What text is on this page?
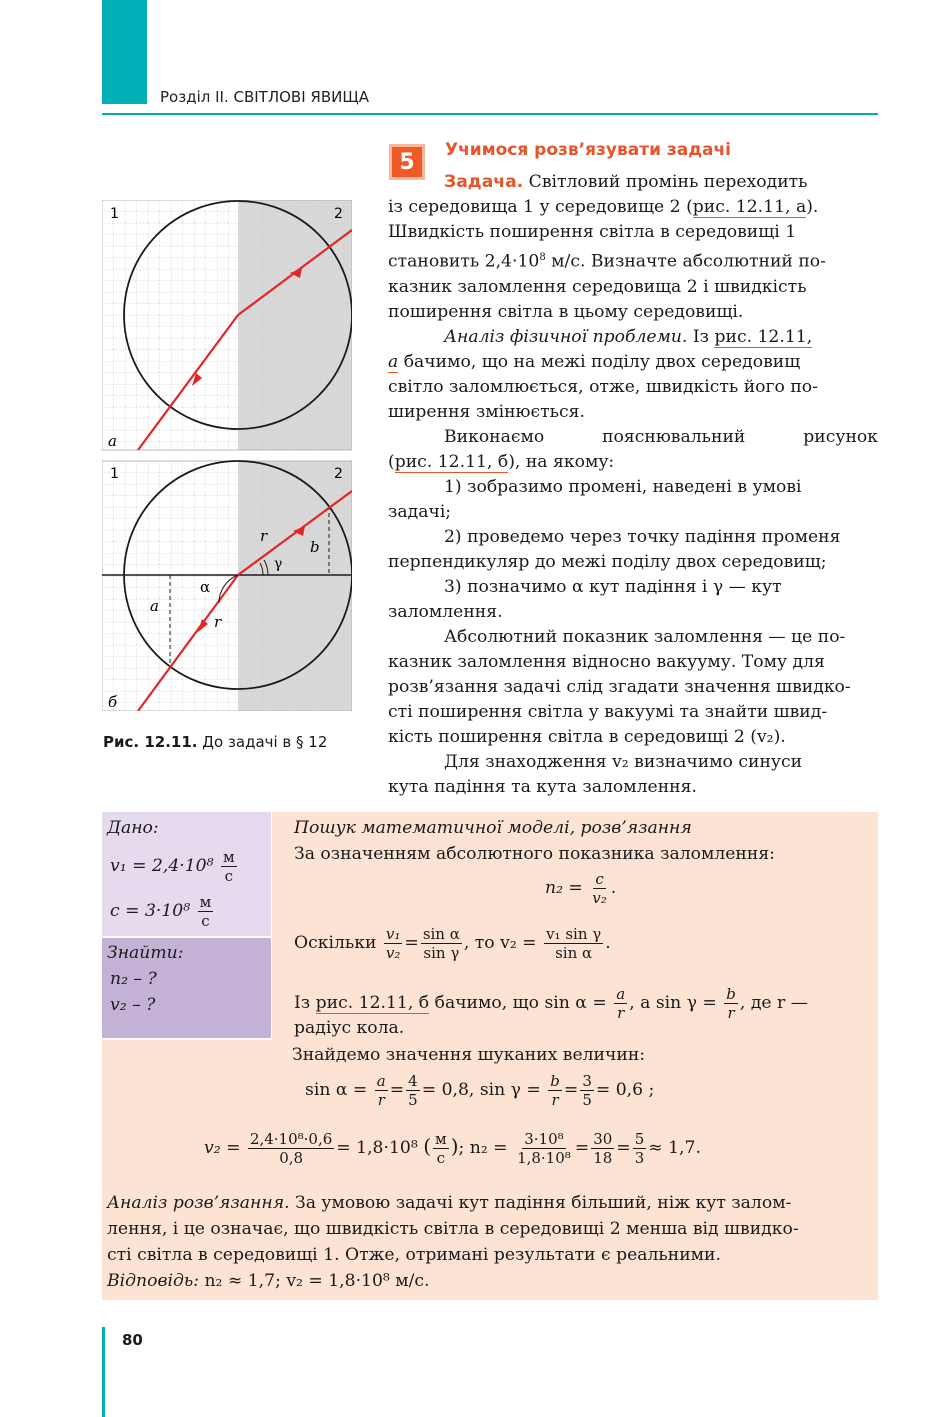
Розділ ІІ. СВІТЛОВІ ЯВИЩА
1	2
а
1	2
б
r
r
b
a
α
γ
Рис. 12.11. До задачі в § 12
5	Учимося розв’язувати задачі

Задача. Світловий промінь переходить

із середовища 1 у середовище 2 (рис. 12.11, а).

Швидкість поширення світла в середовищі 1

становить $2,4\cdot 10^8$ м/с. Визначте абсолютний по-

казник заломлення середовища 2 і швидкість

поширення світла в цьому середовищі.

Аналіз фізичної проблеми. Із рис. 12.11,

а бачимо, що на межі поділу двох середовищ

світло заломлюється, отже, швидкість його по-

ширення змінюється.

Виконаємо пояснювальний рисунок

(рис. 12.11, б), на якому:

1) зобразимо промені, наведені в умові

задачі;

2) проведемо через точку падіння променя

перпендикуляр до межі поділу двох середовищ;

3) позначимо α кут падіння і γ — кут

заломлення.

Абсолютний показник заломлення — це по-

казник заломлення відносно вакууму. Тому для

розв’язання задачі слід згадати значення швидко-

сті поширення світла у вакуумі та знайти швид-

кість поширення світла в середовищі 2 (v₂).

Для знаходження v₂ визначимо синуси

кута падіння та кута заломлення.

Дано:
$v_1 = 2,4\cdot 10^8 \frac{м}{с}$
$c = 3\cdot 10^8 \frac{м}{с}$
Знайти:
n₂ – ?
v₂ – ?
Пошук математичної моделі, розв’язання
За означенням абсолютного показника заломлення:
$n_2 = \frac{c}{\text{v₂}}$ .
Оскільки $\frac{\text{v₁}}{\text{v₂}} = \frac{\text{sin α}}{\text{sin γ}}$ , то $v_2 = \frac{\text{v₁ sin γ}}{\text{sin α}}$ .
Із рис. 12.11, б бачимо, що $\sin \alpha = \frac{a}{r}$ , а $\sin \gamma = \frac{b}{r}$ , де r —
радіус кола.
Знайдемо значення шуканих величин:
$\sin \alpha = \frac{a}{r} = \frac{4}{5} = 0,8$, $\sin \gamma = \frac{b}{r} = \frac{3}{5} = 0,6$ ;
$v_2 = \frac{\text{2,4·10⁸·0,6}}{0,8} = 1,8\cdot 10^8$ ( $\frac{м}{с}$ ); $n_2 = \frac{\text{3·10⁸}}{\text{1,8·10⁸}} = \frac{30}{18} = \frac{5}{3} \approx 1,7$.
Аналіз розв’язання. За умовою задачі кут падіння більший, ніж кут залом-
лення, і це означає, що швидкість світла в середовищі 2 менша від швидко-
сті світла в середовищі 1. Отже, отримані результати є реальними.
Відповідь: n₂ ≈ 1,7; v₂ = 1,8·10⁸ м/с.
80
